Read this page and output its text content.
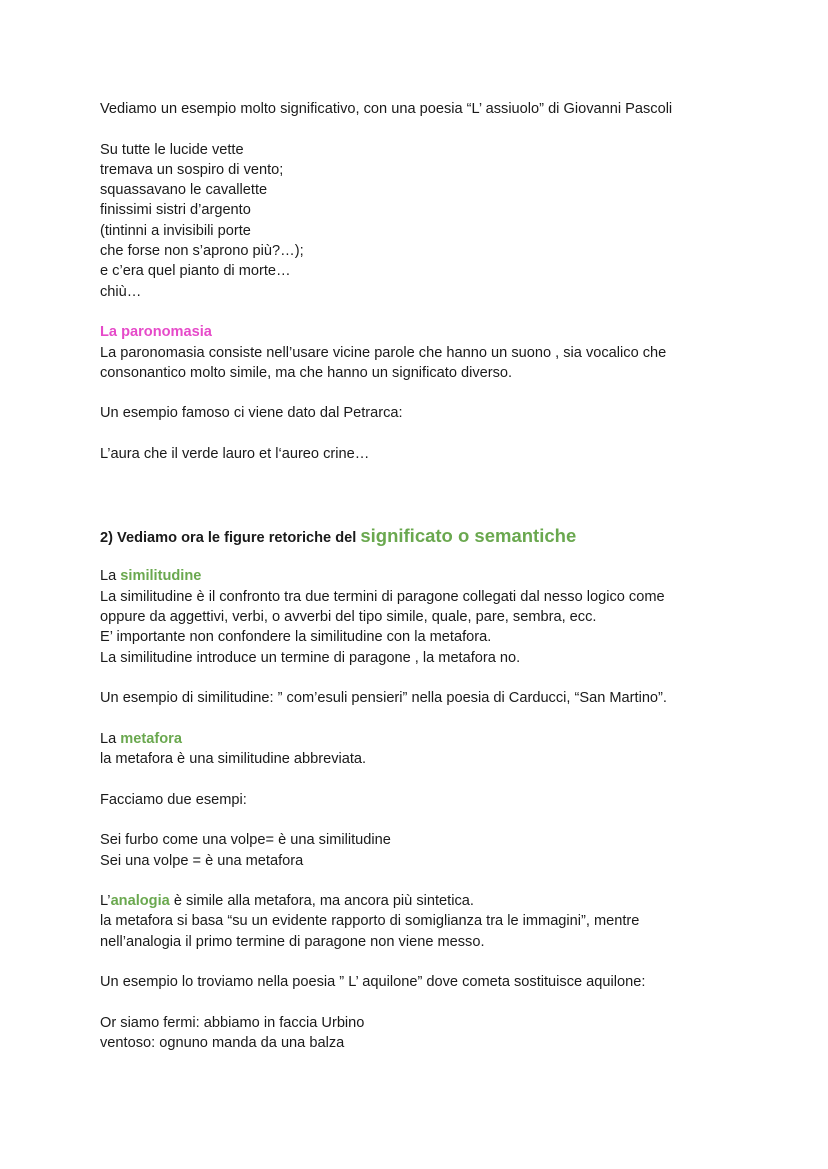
Vediamo un esempio molto significativo, con una poesia “L’ assiuolo” di Giovanni Pascoli
Su tutte le lucide vette
tremava un sospiro di vento;
squassavano le cavallette
finissimi sistri d’argento
(tintinni a invisibili porte
che forse non s’aprono più?…);
e c’era quel pianto di morte…
chiù…
La paronomasia
La paronomasia consiste nell’usare vicine parole che hanno un suono , sia vocalico che
consonantico molto simile, ma che hanno un significato diverso.
Un esempio famoso ci viene dato dal Petrarca:
L’aura che il verde lauro et l‘aureo crine…
2) Vediamo ora le figure retoriche del significato o semantiche
La similitudine
La similitudine è il confronto tra due termini di paragone collegati dal nesso logico come
oppure da aggettivi, verbi, o avverbi del tipo simile, quale, pare, sembra, ecc.
E’ importante non confondere la similitudine con la metafora.
La similitudine introduce un termine di paragone , la metafora no.
Un esempio di similitudine: ” com’esuli pensieri” nella poesia di Carducci, “San Martino”.
La metafora
la metafora è una similitudine abbreviata.
Facciamo due esempi:
Sei furbo come una volpe= è una similitudine
Sei una volpe = è una metafora
L’analogia è simile alla metafora, ma ancora più sintetica.
la metafora si basa “su un evidente rapporto di somiglianza tra le immagini”, mentre
nell’analogia il primo termine di paragone non viene messo.
Un esempio lo troviamo nella poesia ” L’ aquilone” dove cometa sostituisce aquilone:
Or siamo fermi: abbiamo in faccia Urbino
ventoso: ognuno manda da una balza
